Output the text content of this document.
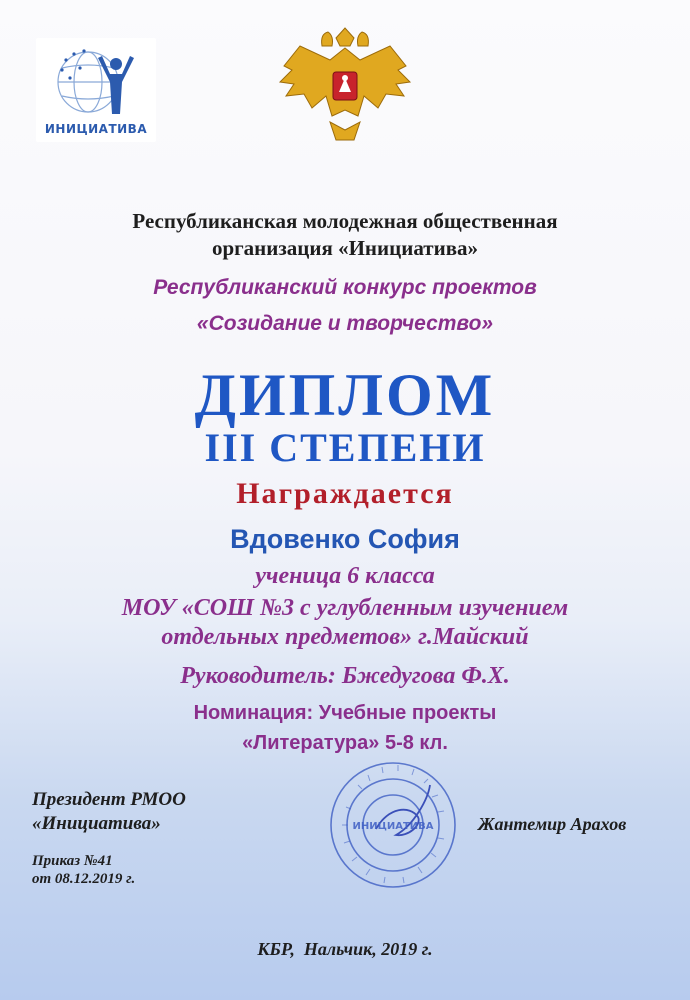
ИНИЦИАТИВА
Республиканская молодежная общественная
организация «Инициатива»
Республиканский конкурс проектов
«Созидание и творчество»
ДИПЛОМ
III СТЕПЕНИ
Награждается
Вдовенко София
ученица 6 класса
МОУ «СОШ №3 с углубленным изучением
отдельных предметов» г.Майский
Руководитель: Бжедугова Ф.Х.
Номинация: Учебные проекты
«Литература» 5-8 кл.
Президент РМОО
«Инициатива»	ИНИЦИАТИВА Жантемир Арахов
Приказ №41
от 08.12.2019 г.
КБР,  Нальчик, 2019 г.
